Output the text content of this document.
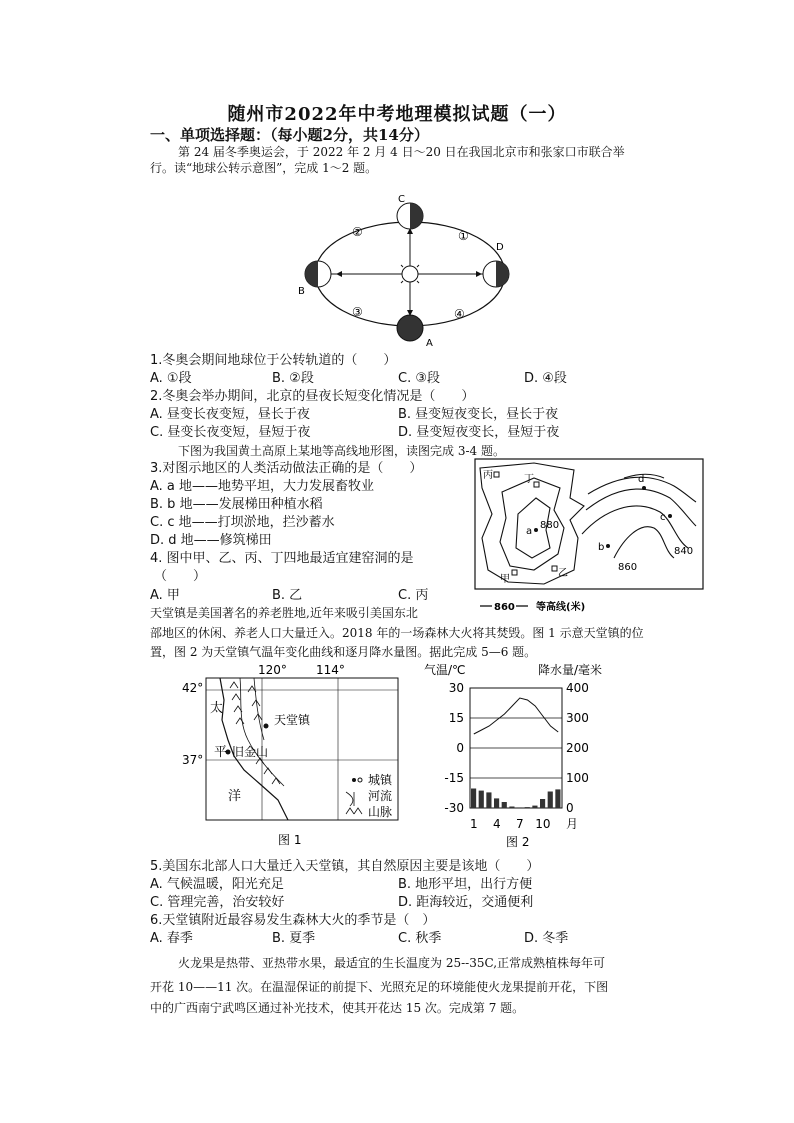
随州市2022年中考地理模拟试题（一）
一、单项选择题：（每小题2分，共14分）
第 24 届冬季奥运会，于 2022 年 2 月 4 日～20 日在我国北京市和张家口市联合举
行。读“地球公转示意图”，完成 1～2 题。
C
A
B
D
②	①
③	④
1.冬奥会期间地球位于公转轨道的（　　）
A. ①段	B. ②段	C. ③段	D. ④段
2.冬奥会举办期间，北京的昼夜长短变化情况是（　　）
A. 昼变长夜变短，昼长于夜	B. 昼变短夜变长，昼长于夜
C. 昼变长夜变短，昼短于夜	D. 昼变短夜变长，昼短于夜
下图为我国黄土高原上某地等高线地形图，读图完成 3-4 题。
3.对图示地区的人类活动做法正确的是（　　）
A. a 地——地势平坦，大力发展畜牧业
B. b 地——发展梯田种植水稻
C. c 地——打坝淤地，拦沙蓄水
D. d 地——修筑梯田
4. 图中甲、乙、丙、丁四地最适宜建窑洞的是
（　　）
A. 甲	B. 乙	C. 丙
丙	丁
甲
乙
a
b
c
d
880
860
840
860 等高线(米)
天堂镇是美国著名的养老胜地,近年来吸引美国东北
部地区的休闲、养老人口大量迁入。2018 年的一场森林大火将其焚毁。图 1 示意天堂镇的位
置，图 2 为天堂镇气温年变化曲线和逐月降水量图。据此完成 5—6 题。
120° 114°
42°
37°
太
平
洋
天堂镇
旧金山
城镇
河流
山脉
图 1
气温/℃	降水量/毫米
30
15
0
-15
-30
400
300
200
100
0
1 4 7 10 月
图 2
5.美国东北部人口大量迁入天堂镇，其自然原因主要是该地（　　）
A. 气候温暖，阳光充足	B. 地形平坦，出行方便
C. 管理完善，治安较好	D. 距海较近，交通便利
6.天堂镇附近最容易发生森林大火的季节是（　）
A. 春季	B. 夏季	C. 秋季	D. 冬季
火龙果是热带、亚热带水果，最适宜的生长温度为 25--35C,正常成熟植株每年可
开花 10——11 次。在温湿保证的前提下、光照充足的环境能使火龙果提前开花，下图
中的广西南宁武鸣区通过补光技术，使其开花达 15 次。完成第 7 题。
